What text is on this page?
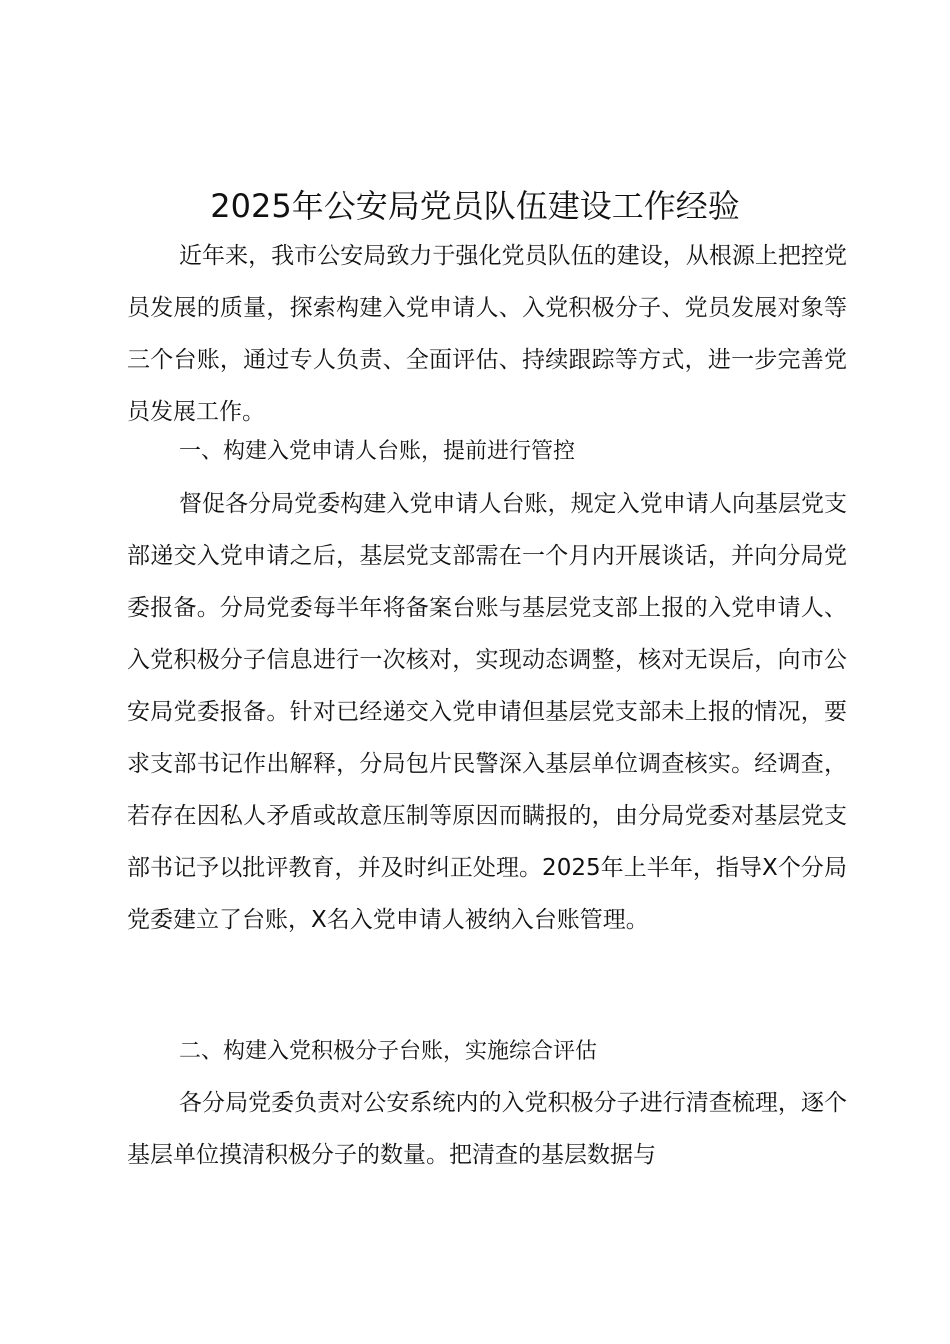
2025年公安局党员队伍建设工作经验

近年来，我市公安局致力于强化党员队伍的建设，从根源上把控党员发展的质量，探索构建入党申请人、入党积极分子、党员发展对象等三个台账，通过专人负责、全面评估、持续跟踪等方式，进一步完善党员发展工作。

一、构建入党申请人台账，提前进行管控

督促各分局党委构建入党申请人台账，规定入党申请人向基层党支部递交入党申请之后，基层党支部需在一个月内开展谈话，并向分局党委报备。分局党委每半年将备案台账与基层党支部上报的入党申请人、入党积极分子信息进行一次核对，实现动态调整，核对无误后，向市公安局党委报备。针对已经递交入党申请但基层党支部未上报的情况，要求支部书记作出解释，分局包片民警深入基层单位调查核实。经调查，若存在因私人矛盾或故意压制等原因而瞒报的，由分局党委对基层党支部书记予以批评教育，并及时纠正处理。2025年上半年，指导X个分局党委建立了台账，X名入党申请人被纳入台账管理。

二、构建入党积极分子台账，实施综合评估

各分局党委负责对公安系统内的入党积极分子进行清查梳理，逐个基层单位摸清积极分子的数量。把清查的基层数据与
